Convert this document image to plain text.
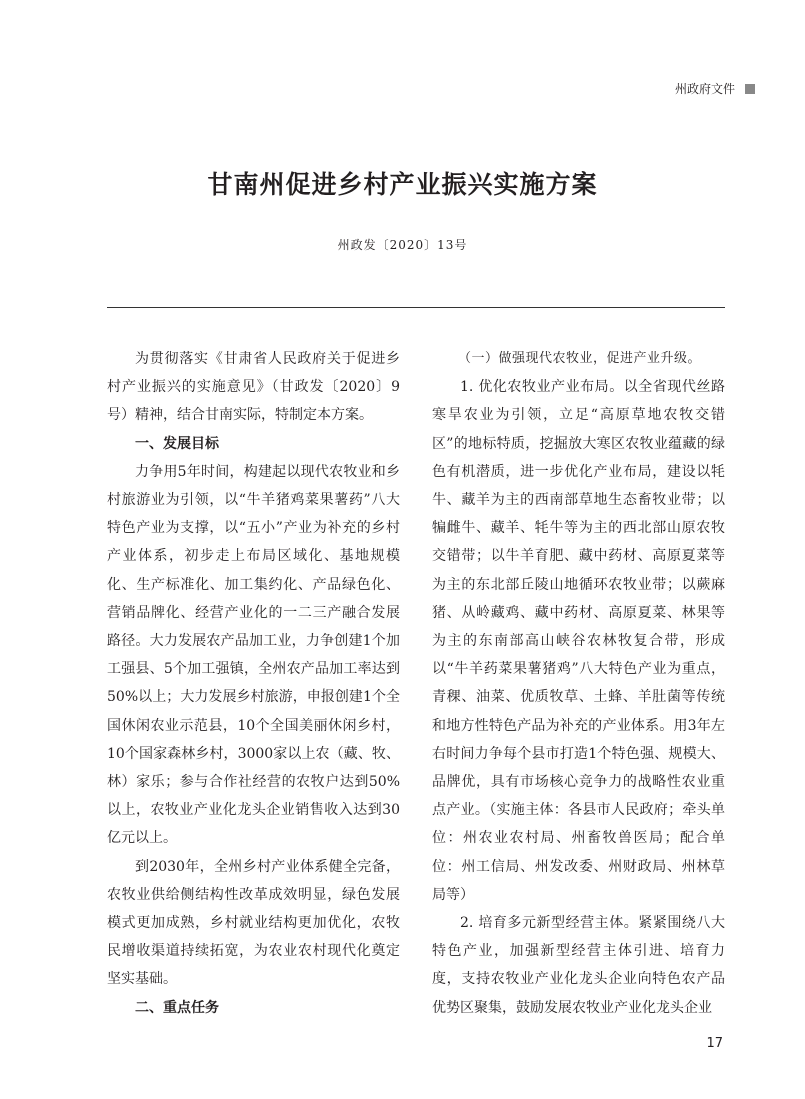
州政府文件
甘南州促进乡村产业振兴实施方案
州政发〔2020〕13号

为贯彻落实《甘肃省人民政府关于促进乡村产业振兴的实施意见》（甘政发〔2020〕9号）精神，结合甘南实际，特制定本方案。

一、发展目标

力争用5年时间，构建起以现代农牧业和乡村旅游业为引领，以“牛羊猪鸡菜果薯药”八大特色产业为支撑，以“五小”产业为补充的乡村产业体系，初步走上布局区域化、基地规模化、生产标准化、加工集约化、产品绿色化、营销品牌化、经营产业化的一二三产融合发展路径。大力发展农产品加工业，力争创建1个加工强县、5个加工强镇，全州农产品加工率达到50%以上；大力发展乡村旅游，申报创建1个全国休闲农业示范县，10个全国美丽休闲乡村，10个国家森林乡村，3000家以上农（藏、牧、林）家乐；参与合作社经营的农牧户达到50%以上，农牧业产业化龙头企业销售收入达到30亿元以上。

到2030年，全州乡村产业体系健全完备，农牧业供给侧结构性改革成效明显，绿色发展模式更加成熟，乡村就业结构更加优化，农牧民增收渠道持续拓宽，为农业农村现代化奠定坚实基础。

二、重点任务

（一）做强现代农牧业，促进产业升级。

1. 优化农牧业产业布局。以全省现代丝路寒旱农业为引领，立足“高原草地农牧交错区”的地标特质，挖掘放大寒区农牧业蕴藏的绿色有机潜质，进一步优化产业布局，建设以牦牛、藏羊为主的西南部草地生态畜牧业带；以犏雌牛、藏羊、牦牛等为主的西北部山原农牧交错带；以牛羊育肥、藏中药材、高原夏菜等为主的东北部丘陵山地循环农牧业带；以蕨麻猪、从岭藏鸡、藏中药材、高原夏菜、林果等为主的东南部高山峡谷农林牧复合带，形成以“牛羊药菜果薯猪鸡”八大特色产业为重点，青稞、油菜、优质牧草、土蜂、羊肚菌等传统和地方性特色产品为补充的产业体系。用3年左右时间力争每个县市打造1个特色强、规模大、品牌优，具有市场核心竞争力的战略性农业重点产业。（实施主体：各县市人民政府；牵头单位：州农业农村局、州畜牧兽医局；配合单位：州工信局、州发改委、州财政局、州林草局等）

2. 培育多元新型经营主体。紧紧围绕八大特色产业，加强新型经营主体引进、培育力度，支持农牧业产业化龙头企业向特色农产品优势区聚集，鼓励发展农牧业产业化龙头企业

17
